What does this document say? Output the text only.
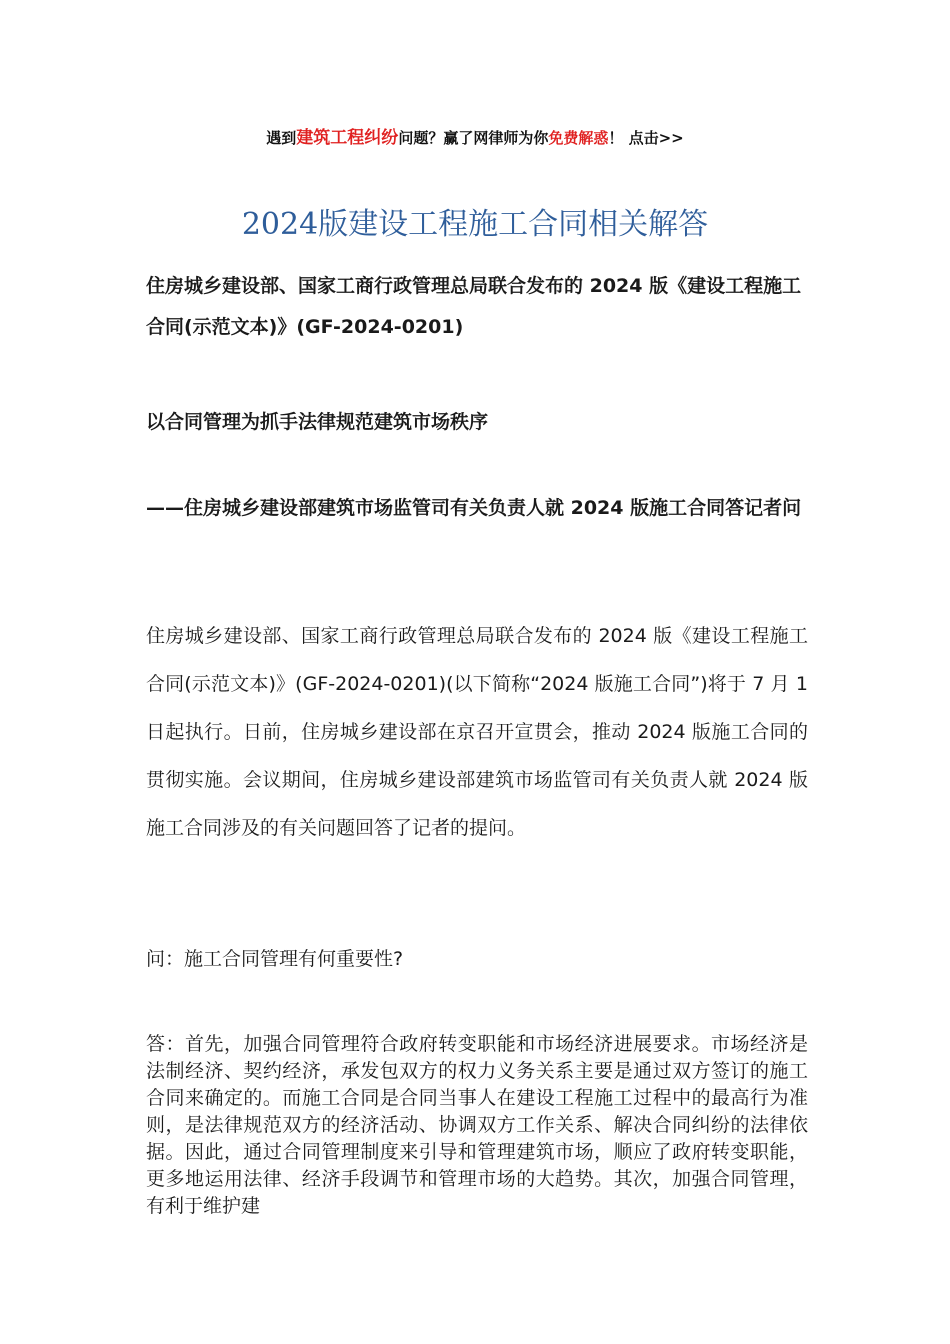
遇到建筑工程纠纷问题？赢了网律师为你免费解惑！ 点击>>
2024版建设工程施工合同相关解答

住房城乡建设部、国家工商行政管理总局联合发布的 2024 版《建设工程施工合同(示范文本)》(GF-2024-0201)

以合同管理为抓手法律规范建筑市场秩序

——住房城乡建设部建筑市场监管司有关负责人就 2024 版施工合同答记者问

住房城乡建设部、国家工商行政管理总局联合发布的 2024 版《建设工程施工合同(示范文本)》(GF-2024-0201)(以下简称“2024 版施工合同”)将于 7 月 1 日起执行。日前，住房城乡建设部在京召开宣贯会，推动 2024 版施工合同的贯彻实施。会议期间，住房城乡建设部建筑市场监管司有关负责人就 2024 版施工合同涉及的有关问题回答了记者的提问。

问：施工合同管理有何重要性?

答：首先，加强合同管理符合政府转变职能和市场经济进展要求。市场经济是法制经济、契约经济，承发包双方的权力义务关系主要是通过双方签订的施工合同来确定的。而施工合同是合同当事人在建设工程施工过程中的最高行为准则，是法律规范双方的经济活动、协调双方工作关系、解决合同纠纷的法律依据。因此，通过合同管理制度来引导和管理建筑市场，顺应了政府转变职能，更多地运用法律、经济手段调节和管理市场的大趋势。其次，加强合同管理，有利于维护建
